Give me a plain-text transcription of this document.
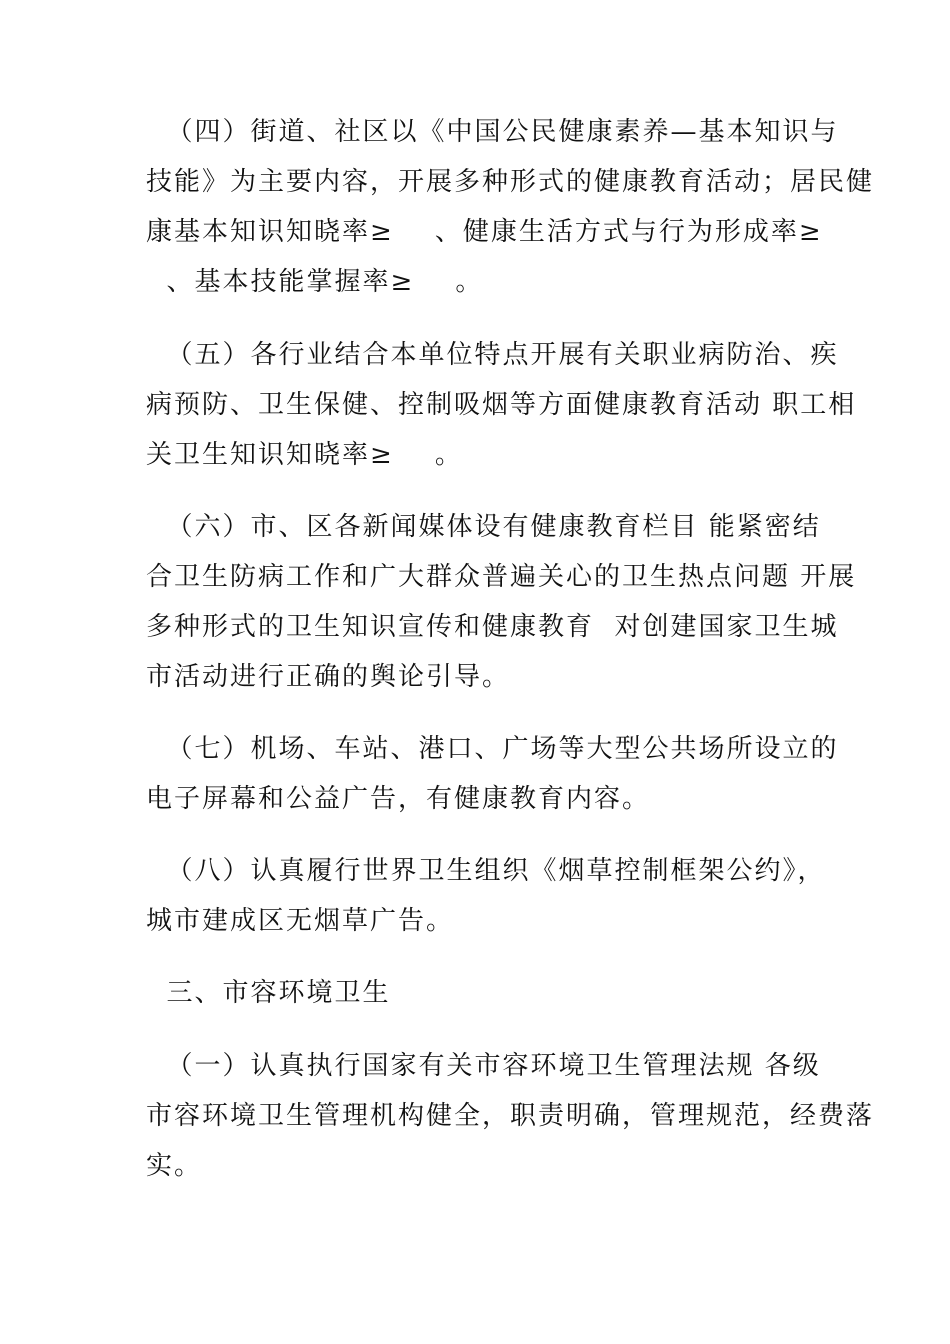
（四）街道、社区以《中国公民健康素养—基本知识与
技能》为主要内容，开展多种形式的健康教育活动；居民健
康基本知识知晓率≥    、健康生活方式与行为形成率≥
、基本技能掌握率≥    。
（五）各行业结合本单位特点开展有关职业病防治、疾
病预防、卫生保健、控制吸烟等方面健康教育活动 职工相
关卫生知识知晓率≥    。
（六）市、区各新闻媒体设有健康教育栏目 能紧密结
合卫生防病工作和广大群众普遍关心的卫生热点问题 开展
多种形式的卫生知识宣传和健康教育  对创建国家卫生城
市活动进行正确的舆论引导。
（七）机场、车站、港口、广场等大型公共场所设立的
电子屏幕和公益广告，有健康教育内容。
（八）认真履行世界卫生组织《烟草控制框架公约》，
城市建成区无烟草广告。
三、市容环境卫生
（一）认真执行国家有关市容环境卫生管理法规 各级
市容环境卫生管理机构健全，职责明确，管理规范，经费落
实。
